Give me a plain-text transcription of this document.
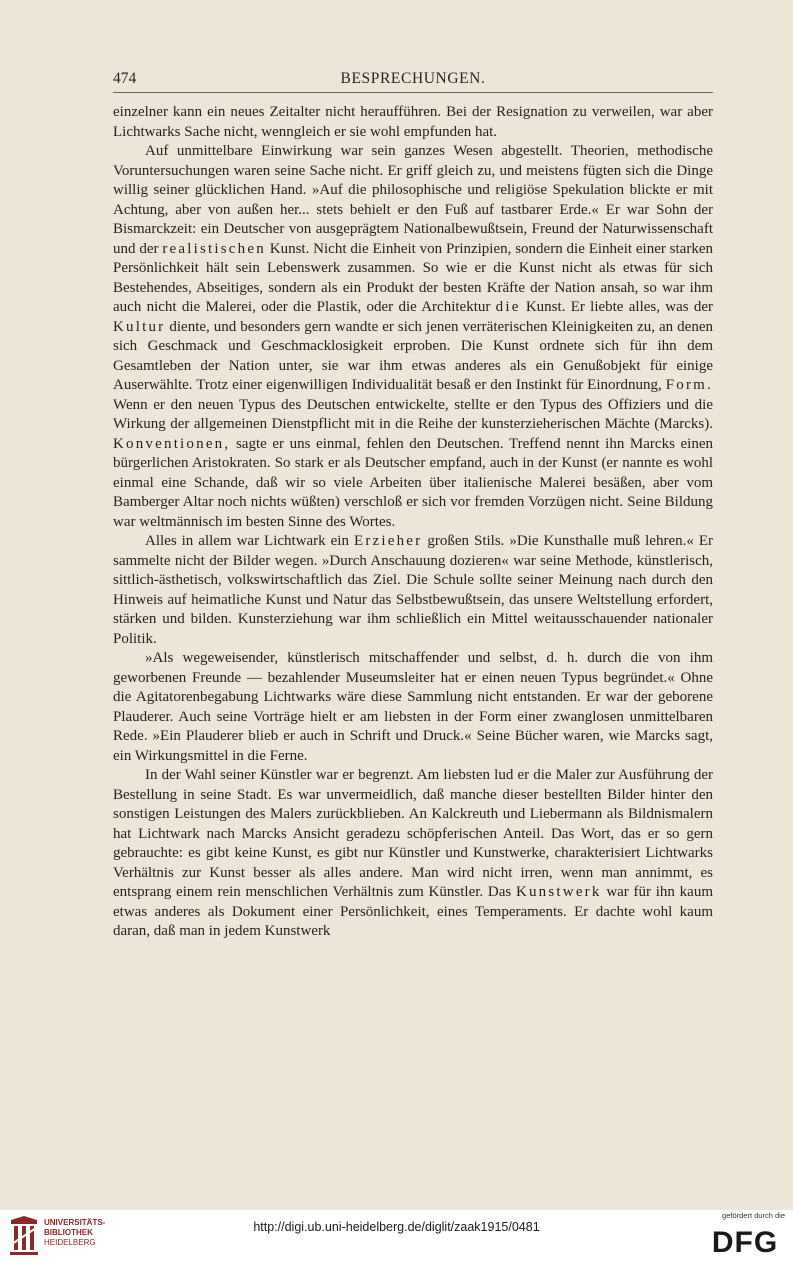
474	BESPRECHUNGEN.

einzelner kann ein neues Zeitalter nicht heraufführen. Bei der Resignation zu verweilen, war aber Lichtwarks Sache nicht, wenngleich er sie wohl empfunden hat.

Auf unmittelbare Einwirkung war sein ganzes Wesen abgestellt. Theorien, methodische Voruntersuchungen waren seine Sache nicht. Er griff gleich zu, und meistens fügten sich die Dinge willig seiner glücklichen Hand. »Auf die philosophische und religiöse Spekulation blickte er mit Achtung, aber von außen her... stets behielt er den Fuß auf tastbarer Erde.« Er war Sohn der Bismarckzeit: ein Deutscher von ausgeprägtem Nationalbewußtsein, Freund der Naturwissenschaft und der realistischen Kunst. Nicht die Einheit von Prinzipien, sondern die Einheit einer starken Persönlichkeit hält sein Lebenswerk zusammen. So wie er die Kunst nicht als etwas für sich Bestehendes, Abseitiges, sondern als ein Produkt der besten Kräfte der Nation ansah, so war ihm auch nicht die Malerei, oder die Plastik, oder die Architektur die Kunst. Er liebte alles, was der Kultur diente, und besonders gern wandte er sich jenen verräterischen Kleinigkeiten zu, an denen sich Geschmack und Geschmacklosigkeit erproben. Die Kunst ordnete sich für ihn dem Gesamtleben der Nation unter, sie war ihm etwas anderes als ein Genußobjekt für einige Auserwählte. Trotz einer eigenwilligen Individualität besaß er den Instinkt für Einordnung, Form. Wenn er den neuen Typus des Deutschen entwickelte, stellte er den Typus des Offiziers und die Wirkung der allgemeinen Dienstpflicht mit in die Reihe der kunsterzieherischen Mächte (Marcks). Konventionen, sagte er uns einmal, fehlen den Deutschen. Treffend nennt ihn Marcks einen bürgerlichen Aristokraten. So stark er als Deutscher empfand, auch in der Kunst (er nannte es wohl einmal eine Schande, daß wir so viele Arbeiten über italienische Malerei besäßen, aber vom Bamberger Altar noch nichts wüßten) verschloß er sich vor fremden Vorzügen nicht. Seine Bildung war weltmännisch im besten Sinne des Wortes.

Alles in allem war Lichtwark ein Erzieher großen Stils. »Die Kunsthalle muß lehren.« Er sammelte nicht der Bilder wegen. »Durch Anschauung dozieren« war seine Methode, künstlerisch, sittlich-ästhetisch, volkswirtschaftlich das Ziel. Die Schule sollte seiner Meinung nach durch den Hinweis auf heimatliche Kunst und Natur das Selbstbewußtsein, das unsere Weltstellung erfordert, stärken und bilden. Kunsterziehung war ihm schließlich ein Mittel weitausschauender nationaler Politik.

»Als wegeweisender, künstlerisch mitschaffender und selbst, d. h. durch die von ihm geworbenen Freunde — bezahlender Museumsleiter hat er einen neuen Typus begründet.« Ohne die Agitatorenbegabung Lichtwarks wäre diese Sammlung nicht entstanden. Er war der geborene Plauderer. Auch seine Vorträge hielt er am liebsten in der Form einer zwanglosen unmittelbaren Rede. »Ein Plauderer blieb er auch in Schrift und Druck.« Seine Bücher waren, wie Marcks sagt, ein Wirkungsmittel in die Ferne.

In der Wahl seiner Künstler war er begrenzt. Am liebsten lud er die Maler zur Ausführung der Bestellung in seine Stadt. Es war unvermeidlich, daß manche dieser bestellten Bilder hinter den sonstigen Leistungen des Malers zurückblieben. An Kalckreuth und Liebermann als Bildnismalern hat Lichtwark nach Marcks Ansicht geradezu schöpferischen Anteil. Das Wort, das er so gern gebrauchte: es gibt keine Kunst, es gibt nur Künstler und Kunstwerke, charakterisiert Lichtwarks Verhältnis zur Kunst besser als alles andere. Man wird nicht irren, wenn man annimmt, es entsprang einem rein menschlichen Verhältnis zum Künstler. Das Kunstwerk war für ihn kaum etwas anderes als Dokument einer Persönlichkeit, eines Temperaments. Er dachte wohl kaum daran, daß man in jedem Kunstwerk

UNIVERSITÄTS-
BIBLIOTHEK
HEIDELBERG
http://digi.ub.uni-heidelberg.de/diglit/zaak1915/0481
gefördert durch die
DFG
